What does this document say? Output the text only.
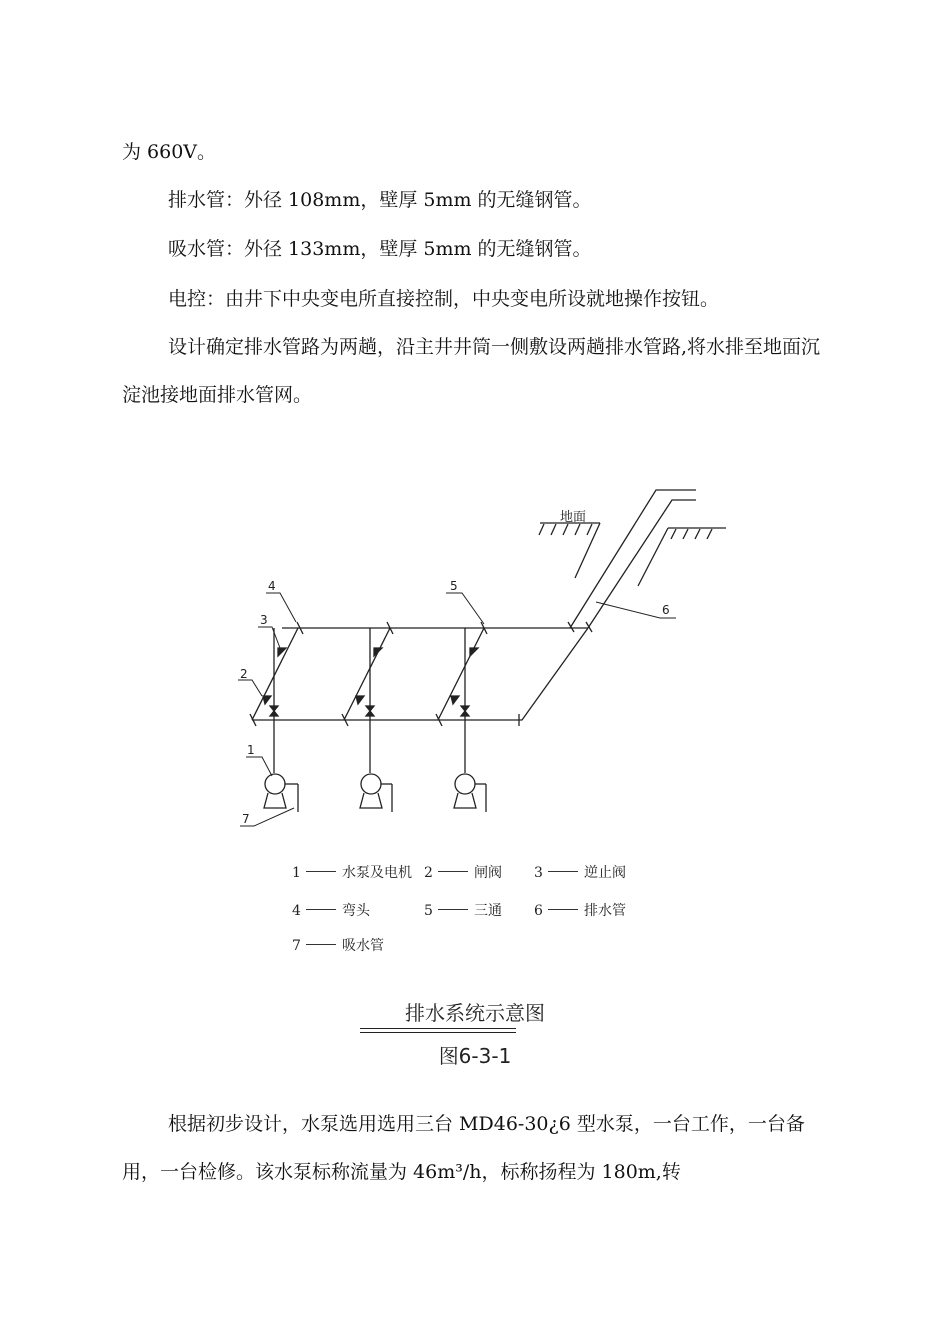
为 660V。

排水管：外径 108mm，壁厚 5mm 的无缝钢管。

吸水管：外径 133mm，壁厚 5mm 的无缝钢管。

电控：由井下中央变电所直接控制，中央变电所设就地操作按钮。

设计确定排水管路为两趟，沿主井井筒一侧敷设两趟排水管路,将水排至地面沉淀池接地面排水管网。

地面
1
2
3
4	5
6
7
1	水泵及电机 2	闸阀 3	逆止阀
4	弯头	5	三通 6	排水管
7	吸水管
排水系统示意图
图6-3-1

根据初步设计，水泵选用选用三台 MD46-30¿6 型水泵，一台工作，一台备用，一台检修。该水泵标称流量为 46m³/h，标称扬程为 180m,转
